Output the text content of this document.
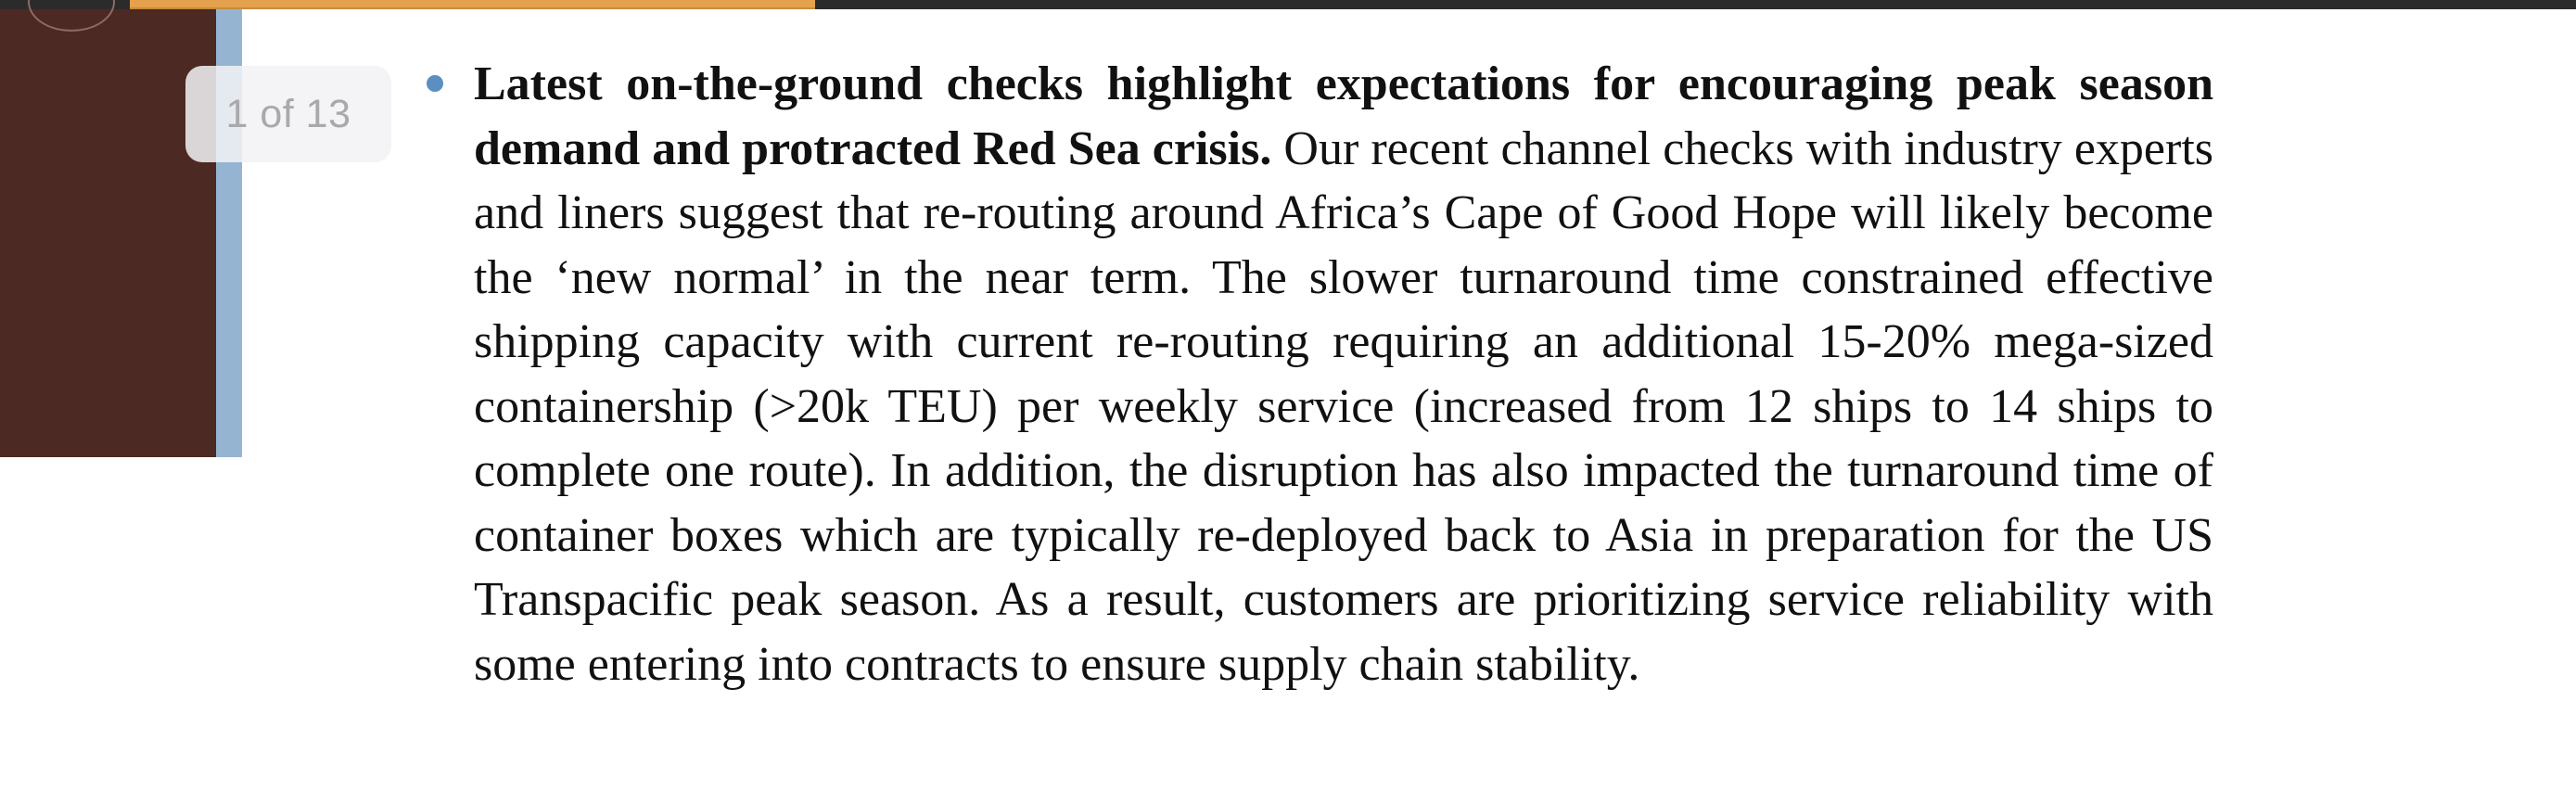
1 of 13

Latest on-the-ground checks highlight expectations for encouraging peak season demand and protracted Red Sea crisis. Our recent channel checks with industry experts and liners suggest that re-routing around Africa’s Cape of Good Hope will likely become the ‘new normal’ in the near term. The slower turnaround time constrained effective shipping capacity with current re-routing requiring an additional 15-20% mega-sized containership (>20k TEU) per weekly service (increased from 12 ships to 14 ships to complete one route). In addition, the disruption has also impacted the turnaround time of container boxes which are typically re-deployed back to Asia in preparation for the US Transpacific peak season. As a result, customers are prioritizing service reliability with some entering into contracts to ensure supply chain stability.
